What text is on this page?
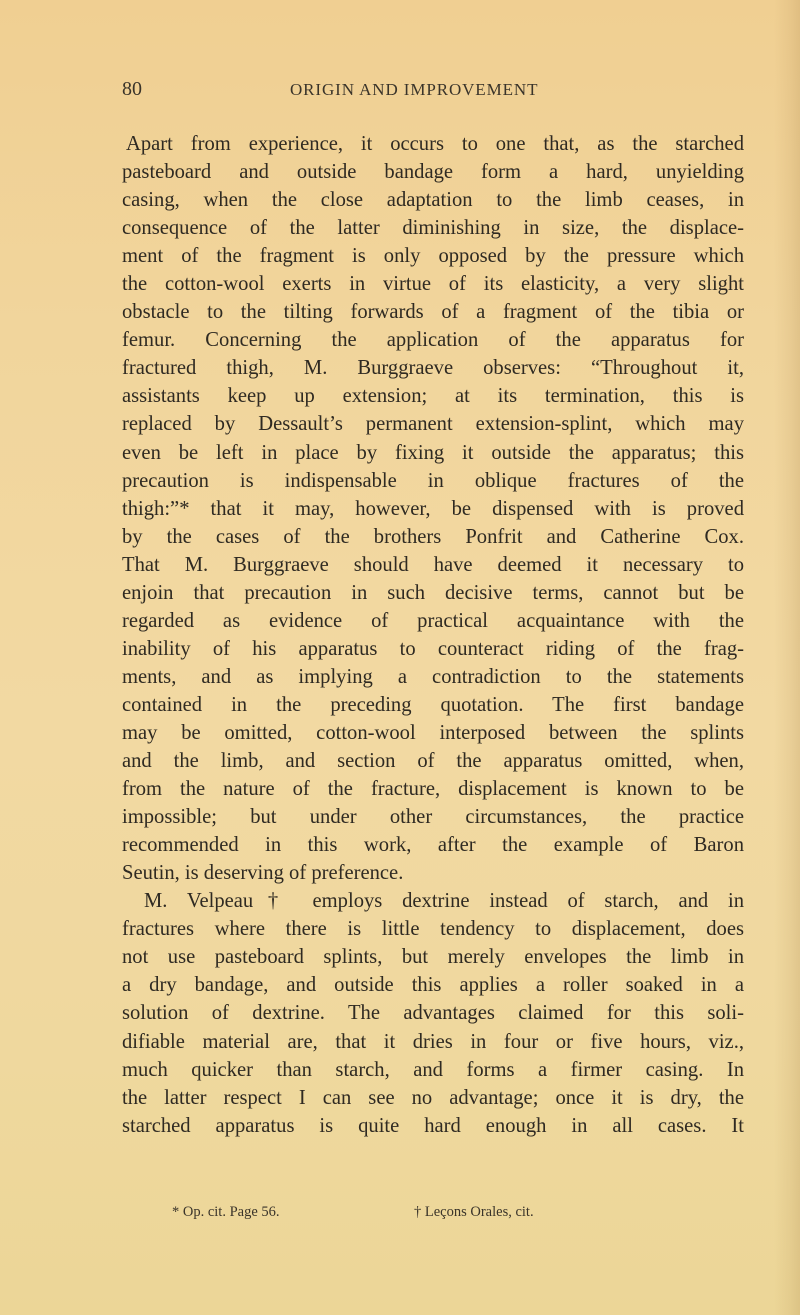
80	ORIGIN AND IMPROVEMENT
Apart from experience, it occurs to one that, as the starched
pasteboard and outside bandage form a hard, unyielding
casing, when the close adaptation to the limb ceases, in
consequence of the latter diminishing in size, the displace-
ment of the fragment is only opposed by the pressure which
the cotton-wool exerts in virtue of its elasticity, a very slight
obstacle to the tilting forwards of a fragment of the tibia or
femur. Concerning the application of the apparatus for
fractured thigh, M. Burggraeve observes: “Throughout it,
assistants keep up extension; at its termination, this is
replaced by Dessault’s permanent extension-splint, which may
even be left in place by fixing it outside the apparatus; this
precaution is indispensable in oblique fractures of the
thigh:”* that it may, however, be dispensed with is proved
by the cases of the brothers Ponfrit and Catherine Cox.
That M. Burggraeve should have deemed it necessary to
enjoin that precaution in such decisive terms, cannot but be
regarded as evidence of practical acquaintance with the
inability of his apparatus to counteract riding of the frag-
ments, and as implying a contradiction to the statements
contained in the preceding quotation. The first bandage
may be omitted, cotton-wool interposed between the splints
and the limb, and section of the apparatus omitted, when,
from the nature of the fracture, displacement is known to be
impossible; but under other circumstances, the practice
recommended in this work, after the example of Baron
Seutin, is deserving of preference.
M. Velpeau† employs dextrine instead of starch, and in
fractures where there is little tendency to displacement, does
not use pasteboard splints, but merely envelopes the limb in
a dry bandage, and outside this applies a roller soaked in a
solution of dextrine. The advantages claimed for this soli-
difiable material are, that it dries in four or five hours, viz.,
much quicker than starch, and forms a firmer casing. In
the latter respect I can see no advantage; once it is dry, the
starched apparatus is quite hard enough in all cases. It
* Op. cit. Page 56.	† Leçons Orales, cit.
